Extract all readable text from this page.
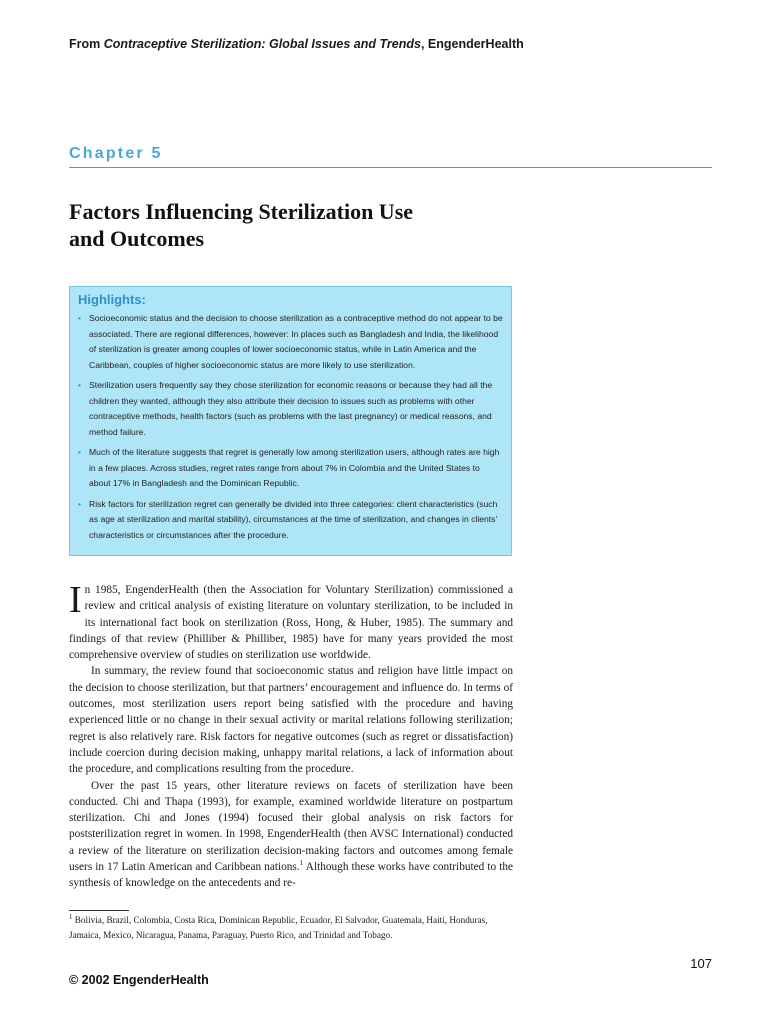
From Contraceptive Sterilization: Global Issues and Trends, EngenderHealth
Chapter 5
Factors Influencing Sterilization Use
and Outcomes
Highlights:
• Socioeconomic status and the decision to choose sterilization as a contraceptive method do not appear to be associated. There are regional differences, however: In places such as Bangladesh and India, the likelihood of sterilization is greater among couples of lower socioeconomic status, while in Latin America and the Caribbean, couples of higher socioeconomic status are more likely to use sterilization.
• Sterilization users frequently say they chose sterilization for economic reasons or because they had all the children they wanted, although they also attribute their decision to issues such as problems with other contraceptive methods, health factors (such as problems with the last pregnancy) or medical reasons, and method failure.
• Much of the literature suggests that regret is generally low among sterilization users, although rates are high in a few places. Across studies, regret rates range from about 7% in Colombia and the United States to about 17% in Bangladesh and the Dominican Republic.
• Risk factors for sterilization regret can generally be divided into three categories: client characteristics (such as age at sterilization and marital stability), circumstances at the time of sterilization, and changes in clients’ characteristics or circumstances after the procedure.

In 1985, EngenderHealth (then the Association for Voluntary Sterilization) commissioned a review and critical analysis of existing literature on voluntary sterilization, to be included in its international fact book on sterilization (Ross, Hong, & Huber, 1985). The summary and findings of that review (Philliber & Philliber, 1985) have for many years provided the most comprehensive overview of studies on sterilization use worldwide.

In summary, the review found that socioeconomic status and religion have little impact on the decision to choose sterilization, but that partners’ encouragement and influence do. In terms of outcomes, most sterilization users report being satisfied with the procedure and having experienced little or no change in their sexual activity or marital relations following sterilization; regret is also relatively rare. Risk factors for negative outcomes (such as regret or dissatisfaction) include coercion during decision making, unhappy marital relations, a lack of information about the procedure, and complications resulting from the procedure.

Over the past 15 years, other literature reviews on facets of sterilization have been conducted. Chi and Thapa (1993), for example, examined worldwide literature on postpartum sterilization. Chi and Jones (1994) focused their global analysis on risk factors for poststerilization regret in women. In 1998, EngenderHealth (then AVSC International) conducted a review of the literature on sterilization decision-making factors and outcomes among female users in 17 Latin American and Caribbean nations.$^1$ Although these works have contributed to the synthesis of knowledge on the antecedents and re-

$^1$ Bolivia, Brazil, Colombia, Costa Rica, Dominican Republic, Ecuador, El Salvador, Guatemala, Haiti, Honduras, Jamaica, Mexico, Nicaragua, Panama, Paraguay, Puerto Rico, and Trinidad and Tobago.
107
© 2002 EngenderHealth
